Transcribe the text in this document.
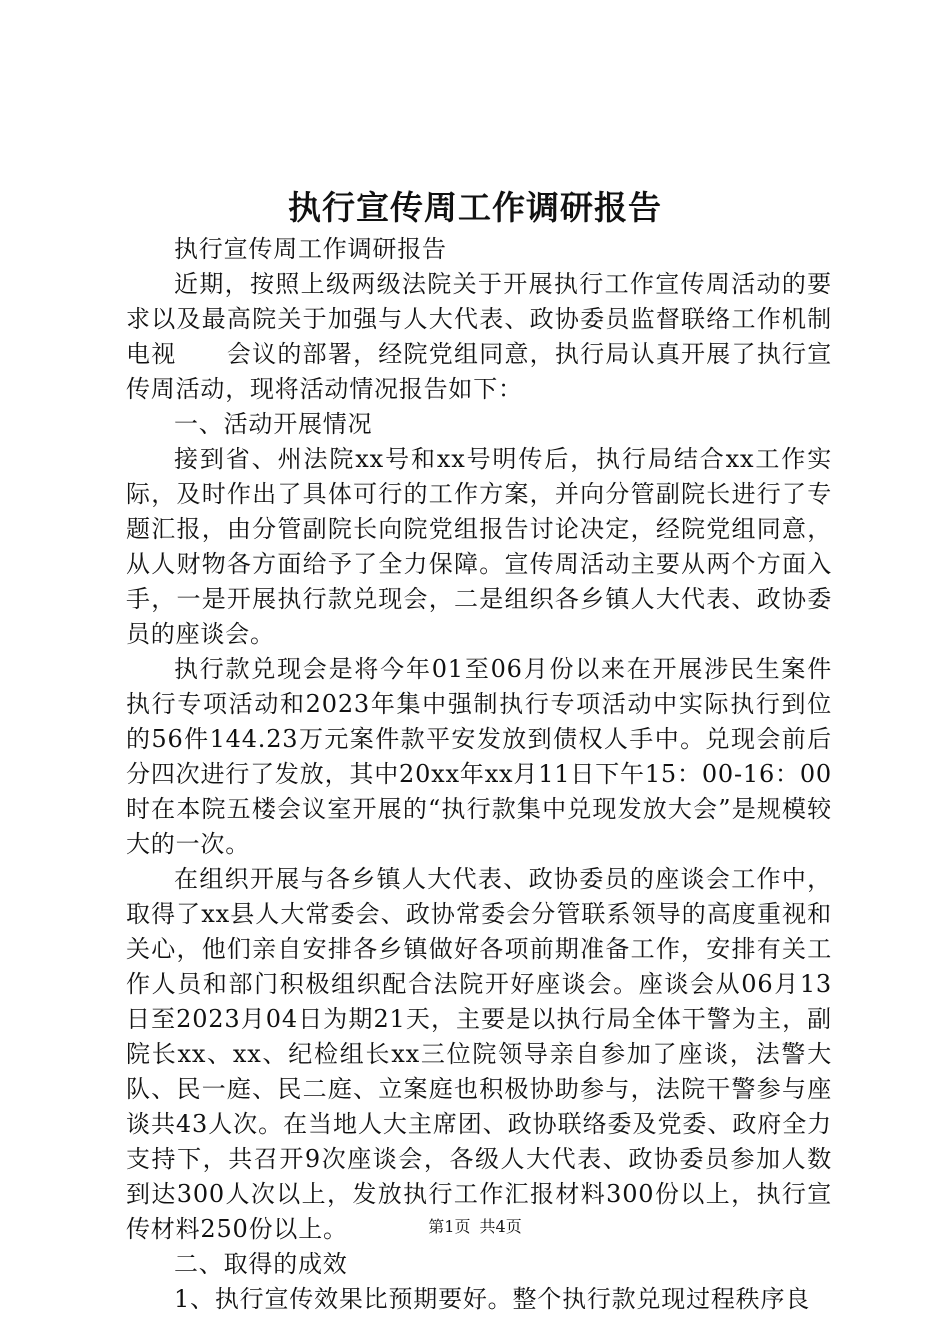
执行宣传周工作调研报告

执行宣传周工作调研报告

近期，按照上级两级法院关于开展执行工作宣传周活动的要求以及最高院关于加强与人大代表、政协委员监督联络工作机制电视　　会议的部署，经院党组同意，执行局认真开展了执行宣传周活动，现将活动情况报告如下：

一、活动开展情况

接到省、州法院xx号和xx号明传后，执行局结合xx工作实际，及时作出了具体可行的工作方案，并向分管副院长进行了专题汇报，由分管副院长向院党组报告讨论决定，经院党组同意，从人财物各方面给予了全力保障。宣传周活动主要从两个方面入手，一是开展执行款兑现会，二是组织各乡镇人大代表、政协委员的座谈会。

执行款兑现会是将今年01至06月份以来在开展涉民生案件执行专项活动和2023年集中强制执行专项活动中实际执行到位的56件144.23万元案件款平安发放到债权人手中。兑现会前后分四次进行了发放，其中20xx年xx月11日下午15：00-16：00时在本院五楼会议室开展的“执行款集中兑现发放大会”是规模较大的一次。

在组织开展与各乡镇人大代表、政协委员的座谈会工作中，取得了xx县人大常委会、政协常委会分管联系领导的高度重视和关心，他们亲自安排各乡镇做好各项前期准备工作，安排有关工作人员和部门积极组织配合法院开好座谈会。座谈会从06月13日至2023月04日为期21天，主要是以执行局全体干警为主，副院长xx、xx、纪检组长xx三位院领导亲自参加了座谈，法警大队、民一庭、民二庭、立案庭也积极协助参与，法院干警参与座谈共43人次。在当地人大主席团、政协联络委及党委、政府全力支持下，共召开9次座谈会，各级人大代表、政协委员参加人数到达300人次以上，发放执行工作汇报材料300份以上，执行宣传材料250份以上。

二、取得的成效

1、执行宣传效果比预期要好。整个执行款兑现过程秩序良

第1页 共4页
